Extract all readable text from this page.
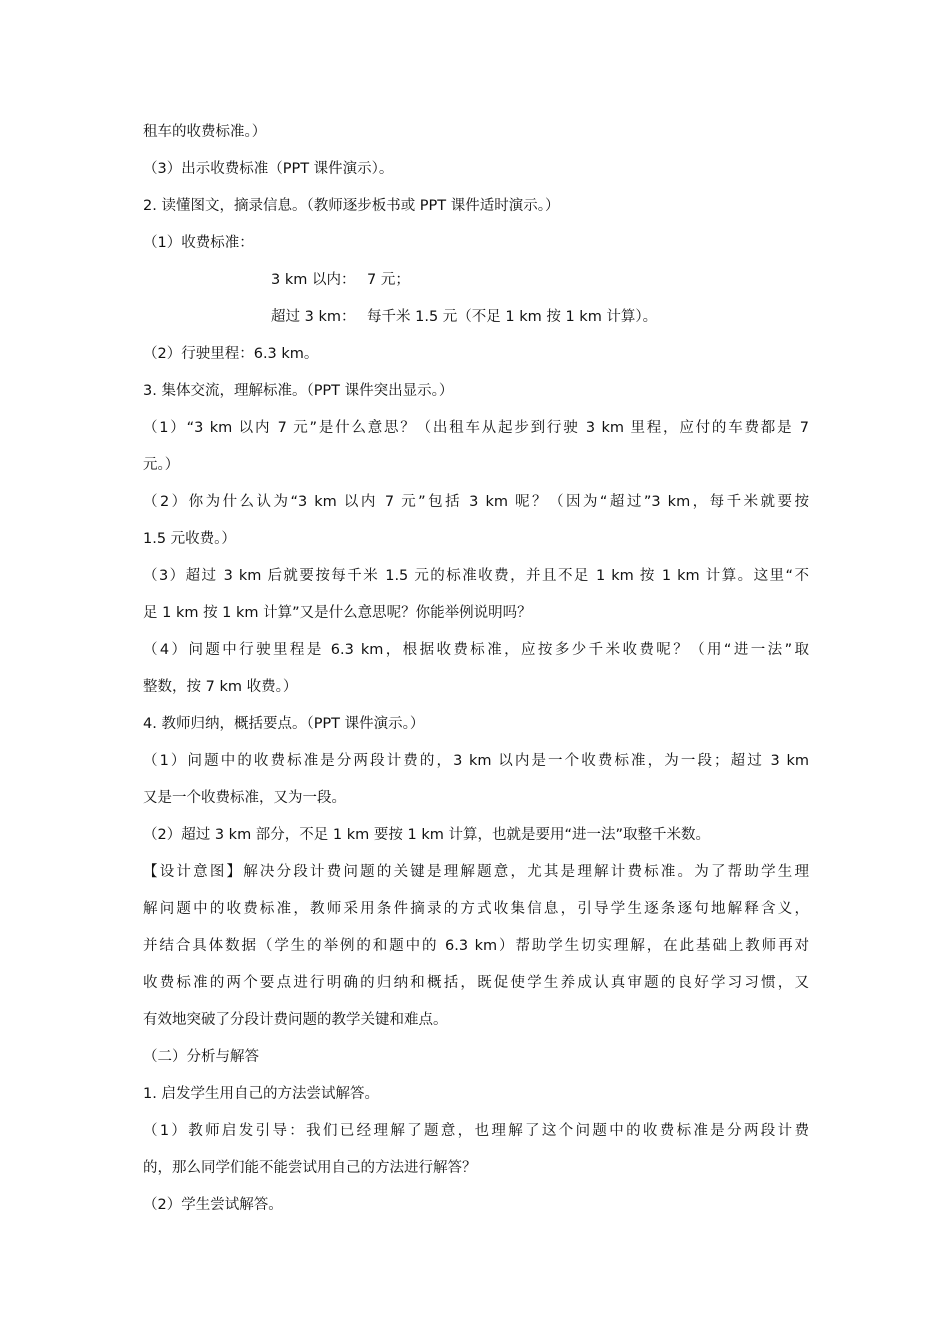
租车的收费标准。）
（3）出示收费标准（PPT 课件演示）。
2. 读懂图文，摘录信息。（教师逐步板书或 PPT 课件适时演示。）
（1）收费标准：
3 km 以内： 7 元；
超过 3 km： 每千米 1.5 元（不足 1 km 按 1 km 计算）。
（2）行驶里程：6.3 km。
3. 集体交流，理解标准。（PPT 课件突出显示。）
（1）“3 km 以内 7 元”是什么意思？（出租车从起步到行驶 3 km 里程，应付的车费都是 7
元。）
（2）你为什么认为“3 km 以内 7 元”包括 3 km 呢？（因为“超过”3 km，每千米就要按
1.5 元收费。）
（3）超过 3 km 后就要按每千米 1.5 元的标准收费，并且不足 1 km 按 1 km 计算。这里“不
足 1 km 按 1 km 计算”又是什么意思呢？你能举例说明吗？
（4）问题中行驶里程是 6.3 km，根据收费标准，应按多少千米收费呢？（用“进一法”取
整数，按 7 km 收费。）
4. 教师归纳，概括要点。（PPT 课件演示。）
（1）问题中的收费标准是分两段计费的，3 km 以内是一个收费标准，为一段；超过 3 km
又是一个收费标准，又为一段。
（2）超过 3 km 部分，不足 1 km 要按 1 km 计算，也就是要用“进一法”取整千米数。
【设计意图】解决分段计费问题的关键是理解题意，尤其是理解计费标准。为了帮助学生理
解问题中的收费标准，教师采用条件摘录的方式收集信息，引导学生逐条逐句地解释含义，
并结合具体数据（学生的举例的和题中的 6.3 km）帮助学生切实理解，在此基础上教师再对
收费标准的两个要点进行明确的归纳和概括，既促使学生养成认真审题的良好学习习惯，又
有效地突破了分段计费问题的教学关键和难点。
（二）分析与解答
1. 启发学生用自己的方法尝试解答。
（1）教师启发引导：我们已经理解了题意，也理解了这个问题中的收费标准是分两段计费
的，那么同学们能不能尝试用自己的方法进行解答？
（2）学生尝试解答。
